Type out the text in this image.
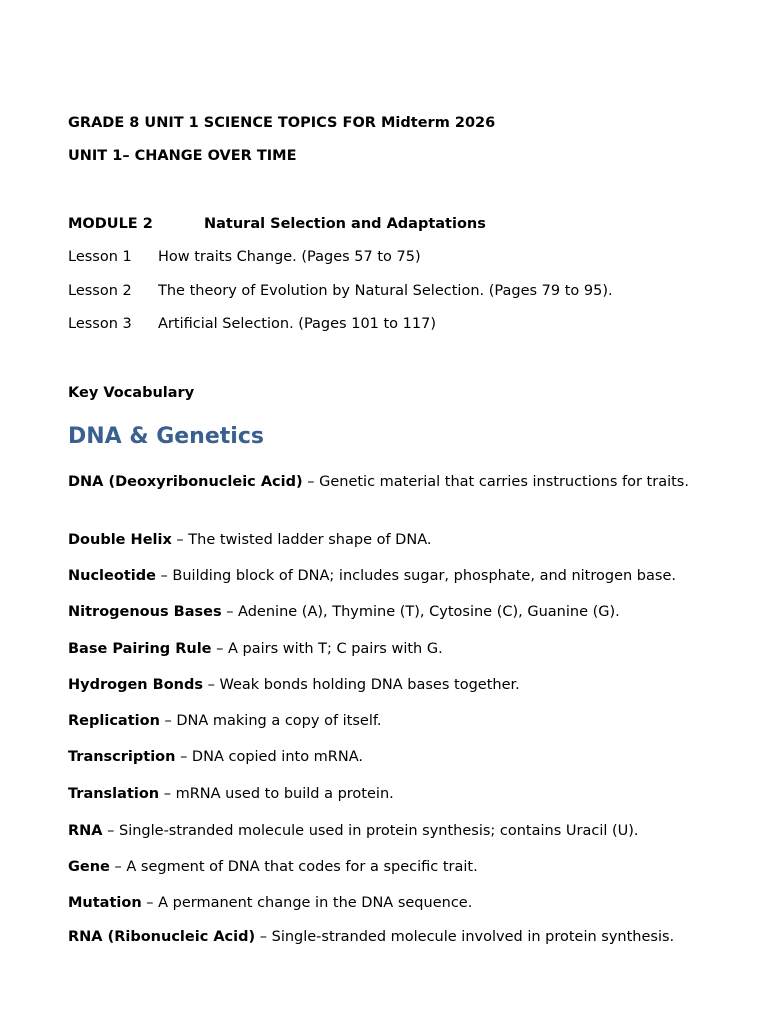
GRADE 8 UNIT 1 SCIENCE TOPICS FOR Midterm 2026
UNIT 1– CHANGE OVER TIME
MODULE 2	Natural Selection and Adaptations
Lesson 1 How traits Change. (Pages 57 to 75)
Lesson 2 The theory of Evolution by Natural Selection. (Pages 79 to 95).
Lesson 3 Artificial Selection. (Pages 101 to 117)
Key Vocabulary
DNA & Genetics
DNA (Deoxyribonucleic Acid) – Genetic material that carries instructions for traits.
Double Helix – The twisted ladder shape of DNA.
Nucleotide – Building block of DNA; includes sugar, phosphate, and nitrogen base.
Nitrogenous Bases – Adenine (A), Thymine (T), Cytosine (C), Guanine (G).
Base Pairing Rule – A pairs with T; C pairs with G.
Hydrogen Bonds – Weak bonds holding DNA bases together.
Replication – DNA making a copy of itself.
Transcription – DNA copied into mRNA.
Translation – mRNA used to build a protein.
RNA – Single-stranded molecule used in protein synthesis; contains Uracil (U).
Gene – A segment of DNA that codes for a specific trait.
Mutation – A permanent change in the DNA sequence.
RNA (Ribonucleic Acid) – Single-stranded molecule involved in protein synthesis.
